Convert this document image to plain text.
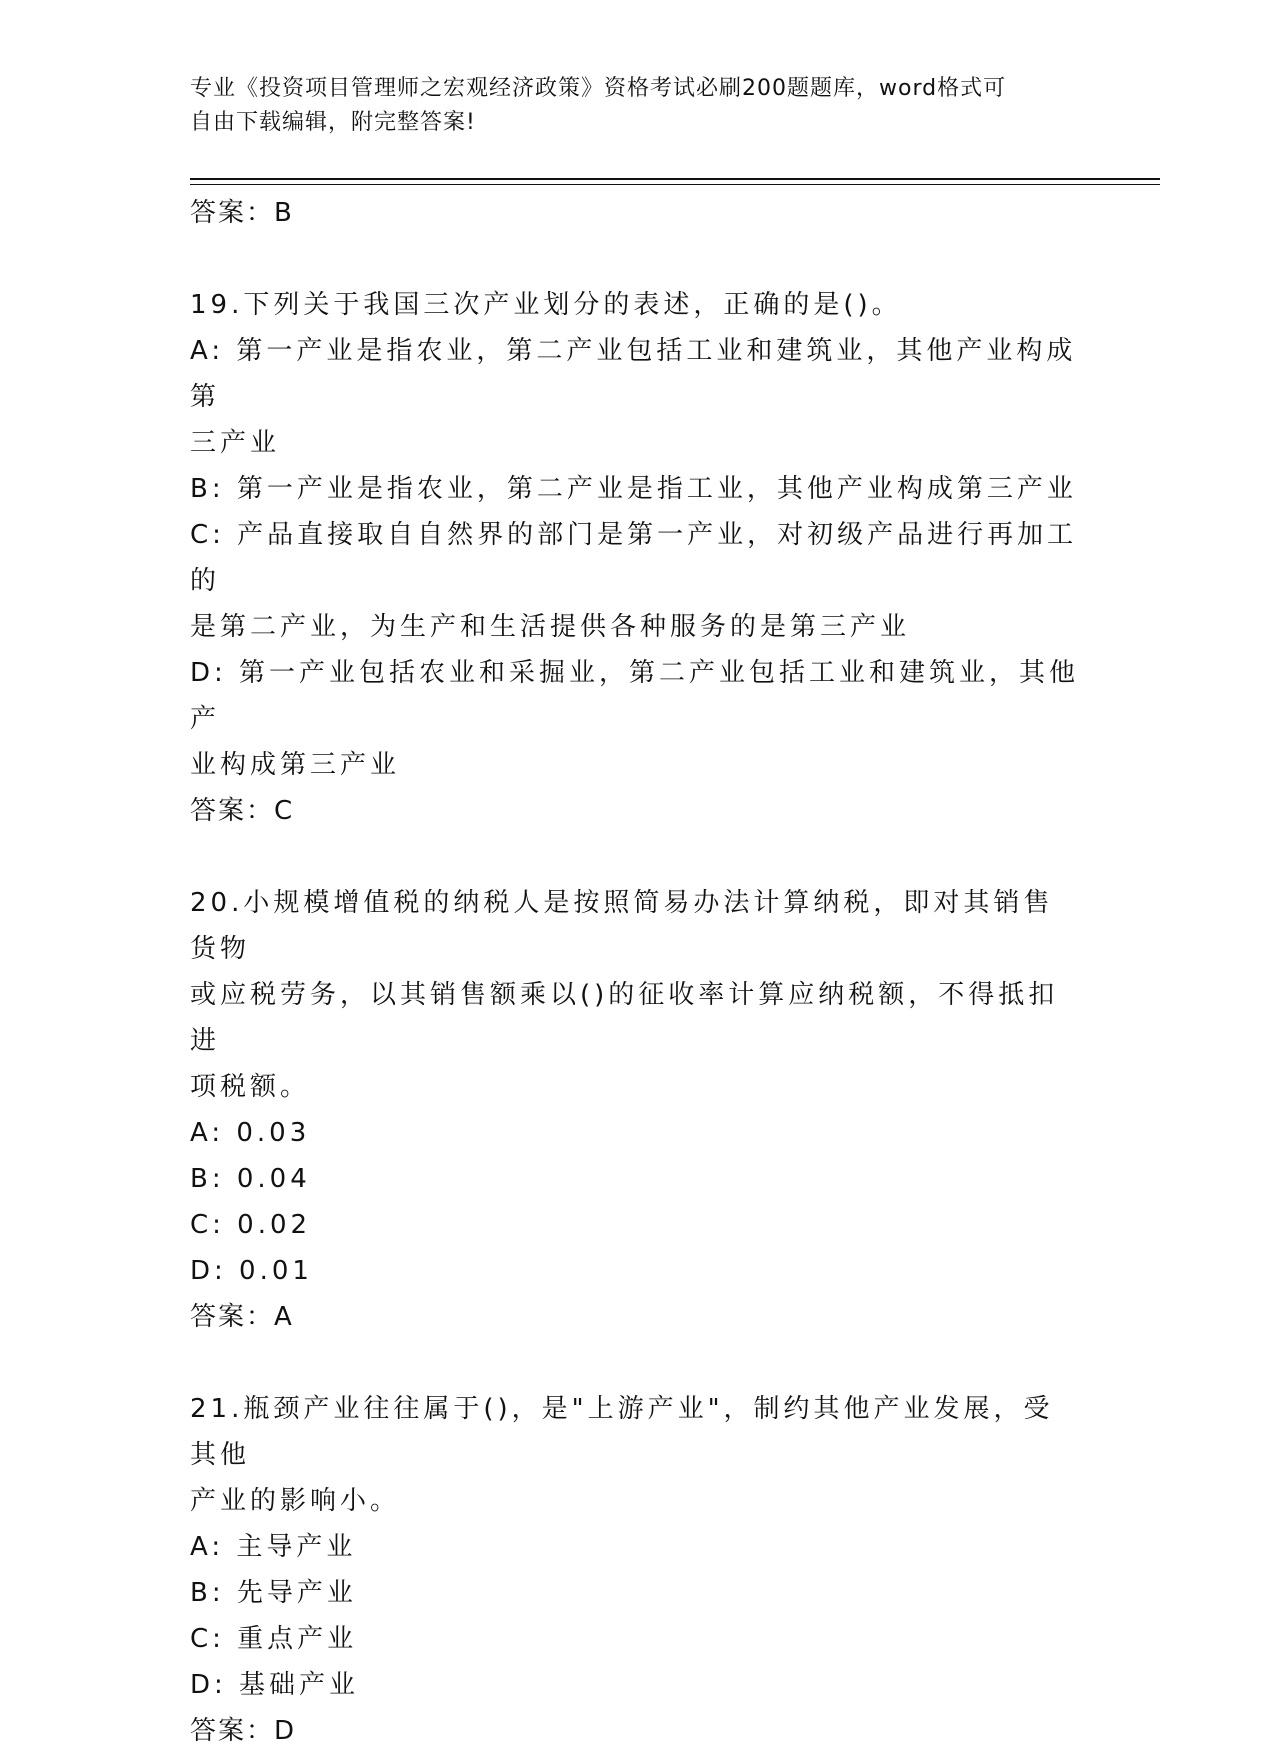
专业《投资项目管理师之宏观经济政策》资格考试必刷200题题库，word格式可
自由下载编辑，附完整答案!
答案：B
19.下列关于我国三次产业划分的表述，正确的是()。
A: 第一产业是指农业，第二产业包括工业和建筑业，其他产业构成第
三产业
B: 第一产业是指农业，第二产业是指工业，其他产业构成第三产业
C: 产品直接取自自然界的部门是第一产业，对初级产品进行再加工的
是第二产业，为生产和生活提供各种服务的是第三产业
D: 第一产业包括农业和采掘业，第二产业包括工业和建筑业，其他产
业构成第三产业
答案：C
20.小规模增值税的纳税人是按照简易办法计算纳税，即对其销售货物
或应税劳务，以其销售额乘以()的征收率计算应纳税额，不得抵扣进
项税额。
A: 0.03
B: 0.04
C: 0.02
D: 0.01
答案：A
21.瓶颈产业往往属于()，是"上游产业"，制约其他产业发展，受其他
产业的影响小。
A: 主导产业
B: 先导产业
C: 重点产业
D: 基础产业
答案：D
